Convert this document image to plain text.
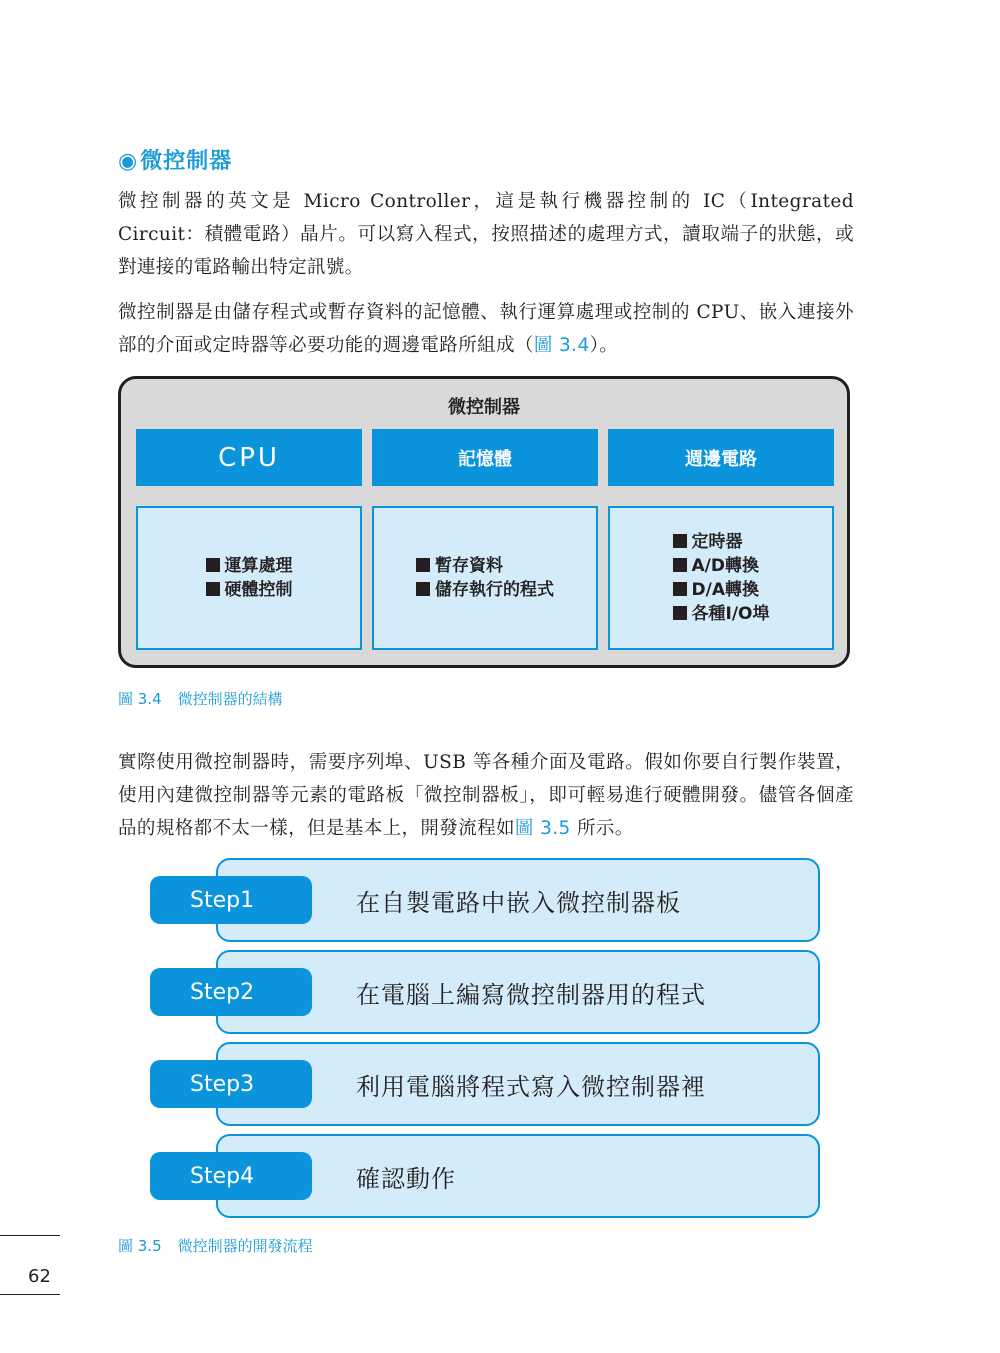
◉微控制器
微控制器的英文是 Micro Controller，這是執行機器控制的 IC（Integrated Circuit：積體電路）晶片。可以寫入程式，按照描述的處理方式，讀取端子的狀態，或對連接的電路輸出特定訊號。
微控制器是由儲存程式或暫存資料的記憶體、執行運算處理或控制的 CPU、嵌入連接外部的介面或定時器等必要功能的週邊電路所組成（圖 3.4）。
微控制器
CPU	記憶體	週邊電路
運算處理
硬體控制
暫存資料
儲存執行的程式
定時器
A/D轉換
D/A轉換
各種I/O埠
圖 3.4 微控制器的結構
實際使用微控制器時，需要序列埠、USB 等各種介面及電路。假如你要自行製作裝置，使用內建微控制器等元素的電路板「微控制器板」，即可輕易進行硬體開發。儘管各個產品的規格都不太一樣，但是基本上，開發流程如圖 3.5 所示。
Step1	在自製電路中嵌入微控制器板
Step2	在電腦上編寫微控制器用的程式
Step3	利用電腦將程式寫入微控制器裡
Step4	確認動作
圖 3.5 微控制器的開發流程
62
